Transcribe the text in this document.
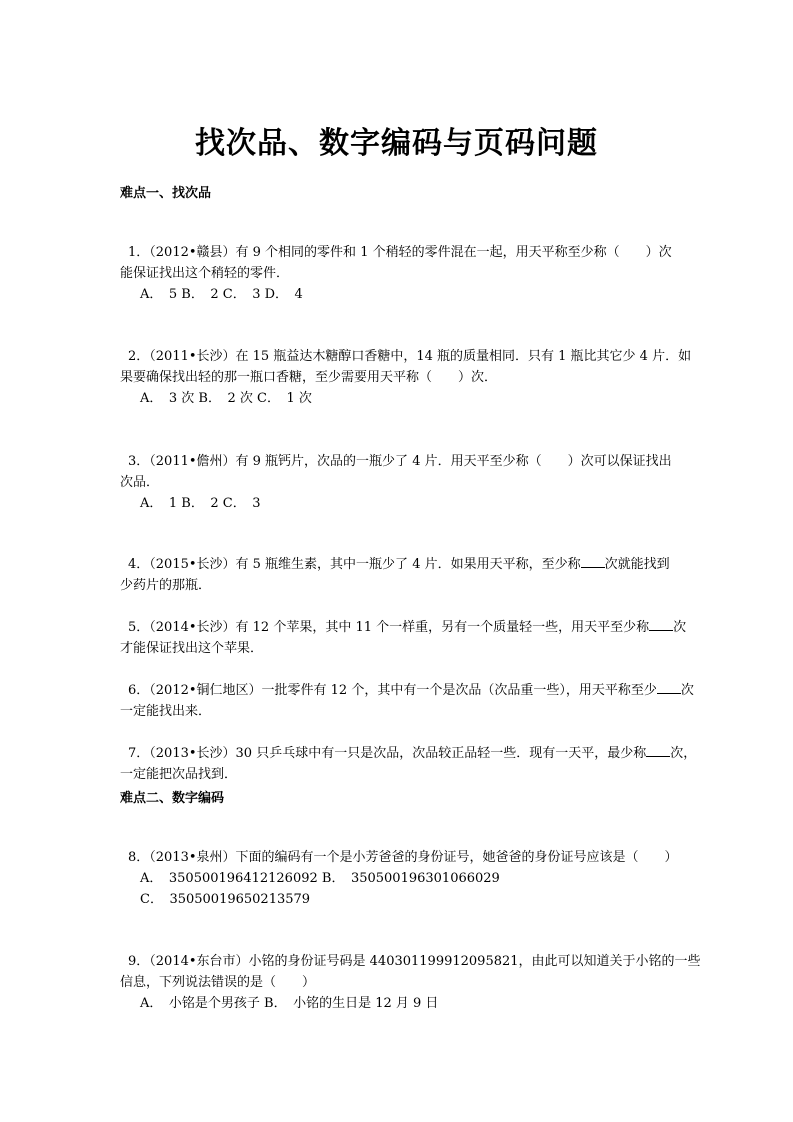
找次品、数字编码与页码问题

难点一、找次品

1．（2012•赣县）有 9 个相同的零件和 1 个稍轻的零件混在一起，用天平称至少称（　　）次
能保证找出这个稍轻的零件．
A．　5 B．　2 C．　3 D．　4
2．（2011•长沙）在 15 瓶益达木糖醇口香糖中，14 瓶的质量相同．只有 1 瓶比其它少 4 片．如
果要确保找出轻的那一瓶口香糖，至少需要用天平称（　　）次．
A．　3 次 B．　2 次 C．　1 次
3．（2011•儋州）有 9 瓶钙片，次品的一瓶少了 4 片．用天平至少称（　　）次可以保证找出
次品．
A．　1 B．　2 C．　3
4．（2015•长沙）有 5 瓶维生素，其中一瓶少了 4 片．如果用天平称，至少称 次就能找到
少药片的那瓶．
5．（2014•长沙）有 12 个苹果，其中 11 个一样重，另有一个质量轻一些，用天平至少称 次
才能保证找出这个苹果．
6．（2012•铜仁地区）一批零件有 12 个，其中有一个是次品（次品重一些），用天平称至少 次
一定能找出来．
7．（2013•长沙）30 只乒乓球中有一只是次品，次品较正品轻一些．现有一天平，最少称 次，
一定能把次品找到．

难点二、数字编码

8．（2013•泉州）下面的编码有一个是小芳爸爸的身份证号，她爸爸的身份证号应该是（　　）
A．　350500196412126092 B．　350500196301066029
C．　35050019650213579
9．（2014•东台市）小铭的身份证号码是 440301199912095821，由此可以知道关于小铭的一些
信息，下列说法错误的是（　　）
A．　小铭是个男孩子 B．　小铭的生日是 12 月 9 日
